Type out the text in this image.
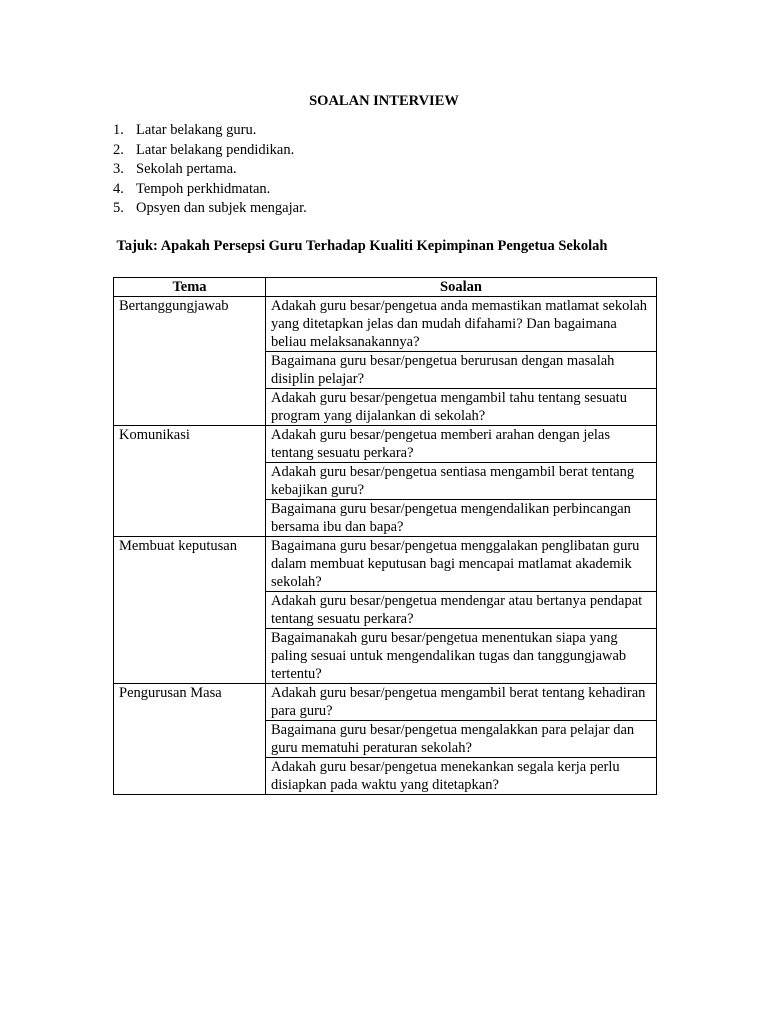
SOALAN INTERVIEW
1. Latar belakang guru.
2. Latar belakang pendidikan.
3. Sekolah pertama.
4. Tempoh perkhidmatan.
5. Opsyen dan subjek mengajar.
Tajuk: Apakah Persepsi Guru Terhadap Kualiti Kepimpinan Pengetua Sekolah
Tema	Soalan
Bertanggungjawab	Adakah guru besar/pengetua anda memastikan matlamat sekolah yang ditetapkan jelas dan mudah difahami? Dan bagaimana beliau melaksanakannya?
	Bagaimana guru besar/pengetua berurusan dengan masalah disiplin pelajar?
	Adakah guru besar/pengetua mengambil tahu tentang sesuatu program yang dijalankan di sekolah?
Komunikasi	Adakah guru besar/pengetua memberi arahan dengan jelas tentang sesuatu perkara?
	Adakah guru besar/pengetua sentiasa mengambil berat tentang kebajikan guru?
	Bagaimana guru besar/pengetua mengendalikan perbincangan bersama ibu dan bapa?
Membuat keputusan	Bagaimana guru besar/pengetua menggalakan penglibatan guru dalam membuat keputusan bagi mencapai matlamat akademik sekolah?
	Adakah guru besar/pengetua mendengar atau bertanya pendapat tentang sesuatu perkara?
	Bagaimanakah guru besar/pengetua menentukan siapa yang paling sesuai untuk mengendalikan tugas dan tanggungjawab tertentu?
Pengurusan Masa	Adakah guru besar/pengetua mengambil berat tentang kehadiran para guru?
	Bagaimana guru besar/pengetua mengalakkan para pelajar dan guru mematuhi peraturan sekolah?
	Adakah guru besar/pengetua menekankan segala kerja perlu disiapkan pada waktu yang ditetapkan?
